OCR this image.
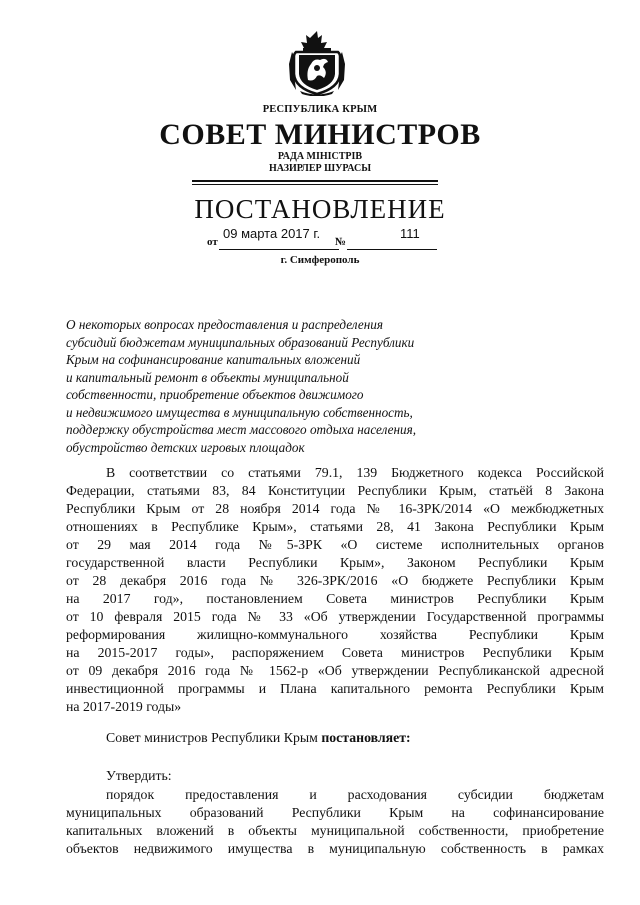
РЕСПУБЛИКА КРЫМ
СОВЕТ МИНИСТРОВ
РАДА МІНІСТРІВ
НАЗИРЛЕР ШУРАСЫ
ПОСТАНОВЛЕНИЕ
от
09 марта 2017 г.
№
111
г. Симферополь
О некоторых вопросах предоставления и распределения
субсидий бюджетам муниципальных образований Республики
Крым на софинансирование капитальных вложений
и капитальный ремонт в объекты муниципальной
собственности, приобретение объектов движимого
и недвижимого имущества в муниципальную собственность,
поддержку обустройства мест массового отдыха населения,
обустройство детских игровых площадок
В соответствии со статьями 79.1, 139 Бюджетного кодекса Российской
Федерации, статьями 83, 84 Конституции Республики Крым, статьёй 8 Закона
Республики Крым от 28 ноября 2014 года № 16-ЗРК/2014 «О межбюджетных
отношениях в Республике Крым», статьями 28, 41 Закона Республики Крым
от 29 мая 2014 года №5-ЗРК «О системе исполнительных органов
государственной власти Республики Крым», Законом Республики Крым
от 28 декабря 2016 года № 326-ЗРК/2016 «О бюджете Республики Крым
на 2017 год», постановлением Совета министров Республики Крым
от 10 февраля 2015 года № 33 «Об утверждении Государственной программы
реформирования жилищно-коммунального хозяйства Республики Крым
на 2015-2017 годы», распоряжением Совета министров Республики Крым
от 09 декабря 2016 года № 1562-р «Об утверждении Республиканской адресной
инвестиционной программы и Плана капитального ремонта Республики Крым
на 2017-2019 годы»
Совет министров Республики Крым постановляет:
Утвердить:
порядок предоставления и расходования субсидии бюджетам
муниципальных образований Республики Крым на софинансирование
капитальных вложений в объекты муниципальной собственности, приобретение
объектов недвижимого имущества в муниципальную собственность в рамках
